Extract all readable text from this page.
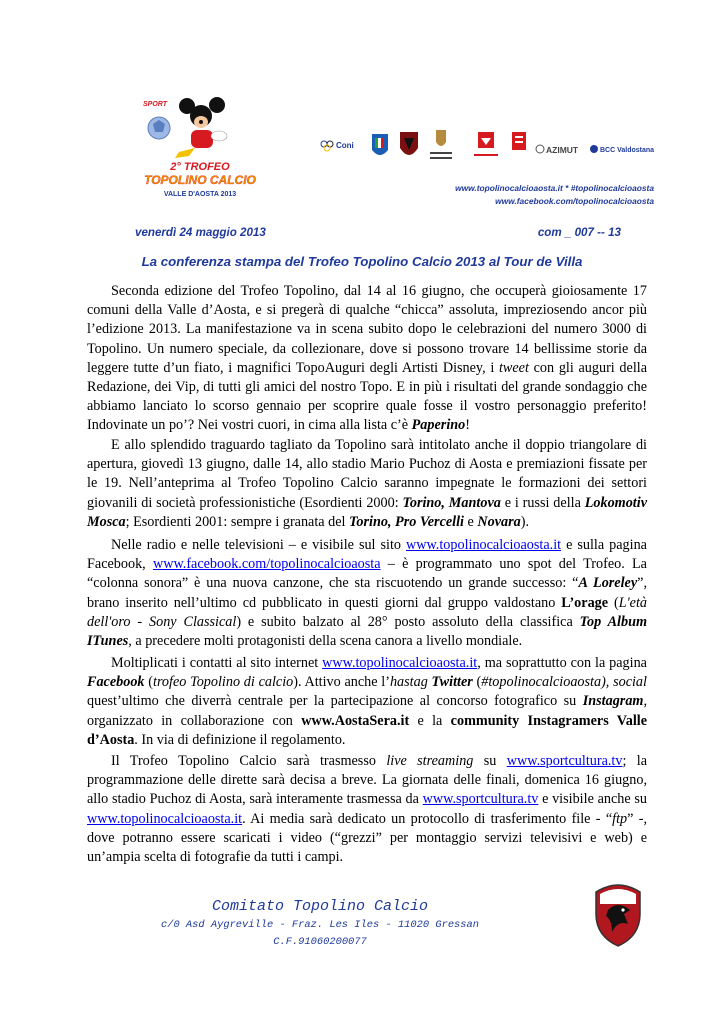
SPORT
2° TROFEO
TOPOLINO CALCIO
VALLE D'AOSTA 2013
Coni	AZIMUT	BCC Valdostana
www.topolinocalcioaosta.it * #topolinocalcioaosta
www.facebook.com/topolinocalcioaosta
venerdì 24 maggio 2013	com _ 007 -- 13
La conferenza stampa del Trofeo Topolino Calcio 2013 al Tour de Villa
Seconda edizione del Trofeo Topolino, dal 14 al 16 giugno, che occuperà gioiosamente 17 comuni della Valle d’Aosta, e si pregerà di qualche “chicca” assoluta, impreziosendo ancor più l’edizione 2013. La manifestazione va in scena subito dopo le celebrazioni del numero 3000 di Topolino. Un numero speciale, da collezionare, dove si possono trovare 14 bellissime storie da leggere tutte d’un fiato, i magnifici TopoAuguri degli Artisti Disney, i tweet con gli auguri della Redazione, dei Vip, di tutti gli amici del nostro Topo. E in più i risultati del grande sondaggio che abbiamo lanciato lo scorso gennaio per scoprire quale fosse il vostro personaggio preferito! Indovinate un po’? Nei vostri cuori, in cima alla lista c’è Paperino!
E allo splendido traguardo tagliato da Topolino sarà intitolato anche il doppio triangolare di apertura, giovedì 13 giugno, dalle 14, allo stadio Mario Puchoz di Aosta e premiazioni fissate per le 19. Nell’anteprima al Trofeo Topolino Calcio saranno impegnate le formazioni dei settori giovanili di società professionistiche (Esordienti 2000: Torino, Mantova e i russi della Lokomotiv Mosca; Esordienti 2001: sempre i granata del Torino, Pro Vercelli e Novara).
Nelle radio e nelle televisioni – e visibile sul sito www.topolinocalcioaosta.it e sulla pagina Facebook, www.facebook.com/topolinocalcioaosta – è programmato uno spot del Trofeo. La “colonna sonora” è una nuova canzone, che sta riscuotendo un grande successo: “A Loreley”, brano inserito nell’ultimo cd pubblicato in questi giorni dal gruppo valdostano L’orage (L'età dell'oro - Sony Classical) e subito balzato al 28° posto assoluto della classifica Top Album ITunes, a precedere molti protagonisti della scena canora a livello mondiale.
Moltiplicati i contatti al sito internet www.topolinocalcioaosta.it, ma soprattutto con la pagina Facebook (trofeo Topolino di calcio). Attivo anche l’hastag Twitter (#topolinocalcioaosta), social quest’ultimo che diverrà centrale per la partecipazione al concorso fotografico su Instagram, organizzato in collaborazione con www.AostaSera.it e la community Instagramers Valle d’Aosta. In via di definizione il regolamento.
Il Trofeo Topolino Calcio sarà trasmesso live streaming su www.sportcultura.tv; la programmazione delle dirette sarà decisa a breve. La giornata delle finali, domenica 16 giugno, allo stadio Puchoz di Aosta, sarà interamente trasmessa da www.sportcultura.tv e visibile anche su www.topolinocalcioaosta.it. Ai media sarà dedicato un protocollo di trasferimento file - “ftp” -, dove potranno essere scaricati i video (“grezzi” per montaggio servizi televisivi e web) e un’ampia scelta di fotografie da tutti i campi.
Comitato Topolino Calcio
c/0 Asd Aygreville - Fraz. Les Iles - 11020 Gressan
C.F.91060200077
